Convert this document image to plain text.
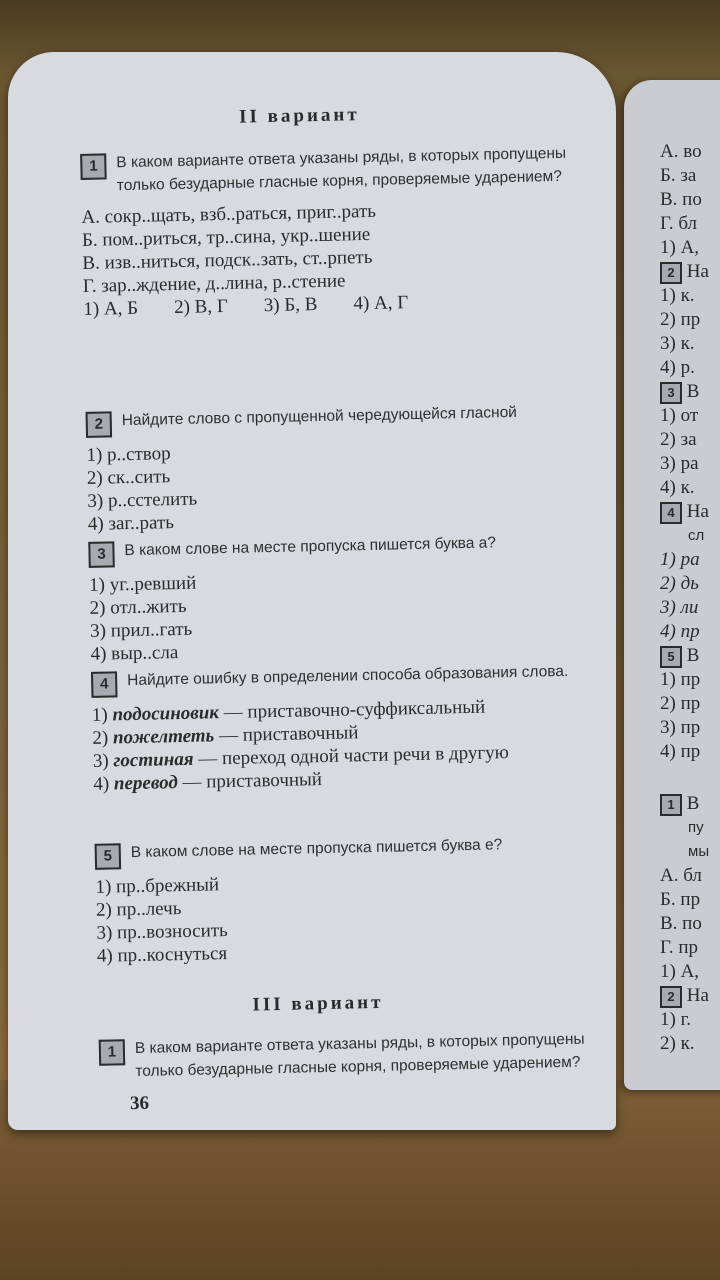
А. во
Б. за
В. по
Г. бл
1) А,
2 На
1) к.
2) пр
3) к.
4) р.
3 В
1) от
2) за
3) ра
4) к.
4 На
сл
1) ра
2) дь
3) ли
4) пр
5 В
1) пр
2) пр
3) пр
4) пр
1 В
пу
мы
А. бл
Б. пр
В. по
Г. пр
1) А,
2 На
1) г.
2) к.
II вариант
1	В каком варианте ответа указаны ряды, в которых пропущены только безударные гласные корня, проверяемые ударением?
А. сокр..щать, взб..раться, приг..рать
Б. пом..риться, тр..сина, укр..шение
В. изв..ниться, подск..зать, ст..рпеть
Г. зар..ждение, д..лина, р..стение
1) А, Б 2) В, Г 3) Б, В 4) А, Г
2	Найдите слово с пропущенной чередующейся гласной
1) р..створ
2) ск..сить
3) р..сстелить
4) заг..рать
3	В каком слове на месте пропуска пишется буква а?
1) уг..ревший
2) отл..жить
3) прил..гать
4) выр..сла
4	Найдите ошибку в определении способа образования слова.
1) подосиновик — приставочно-суффиксальный
2) пожелтеть — приставочный
3) гостиная — переход одной части речи в другую
4) перевод — приставочный
5	В каком слове на месте пропуска пишется буква е?
1) пр..брежный
2) пр..лечь
3) пр..возносить
4) пр..коснуться
III вариант
1	В каком варианте ответа указаны ряды, в которых пропущены только безударные гласные корня, проверяемые ударением?
36
